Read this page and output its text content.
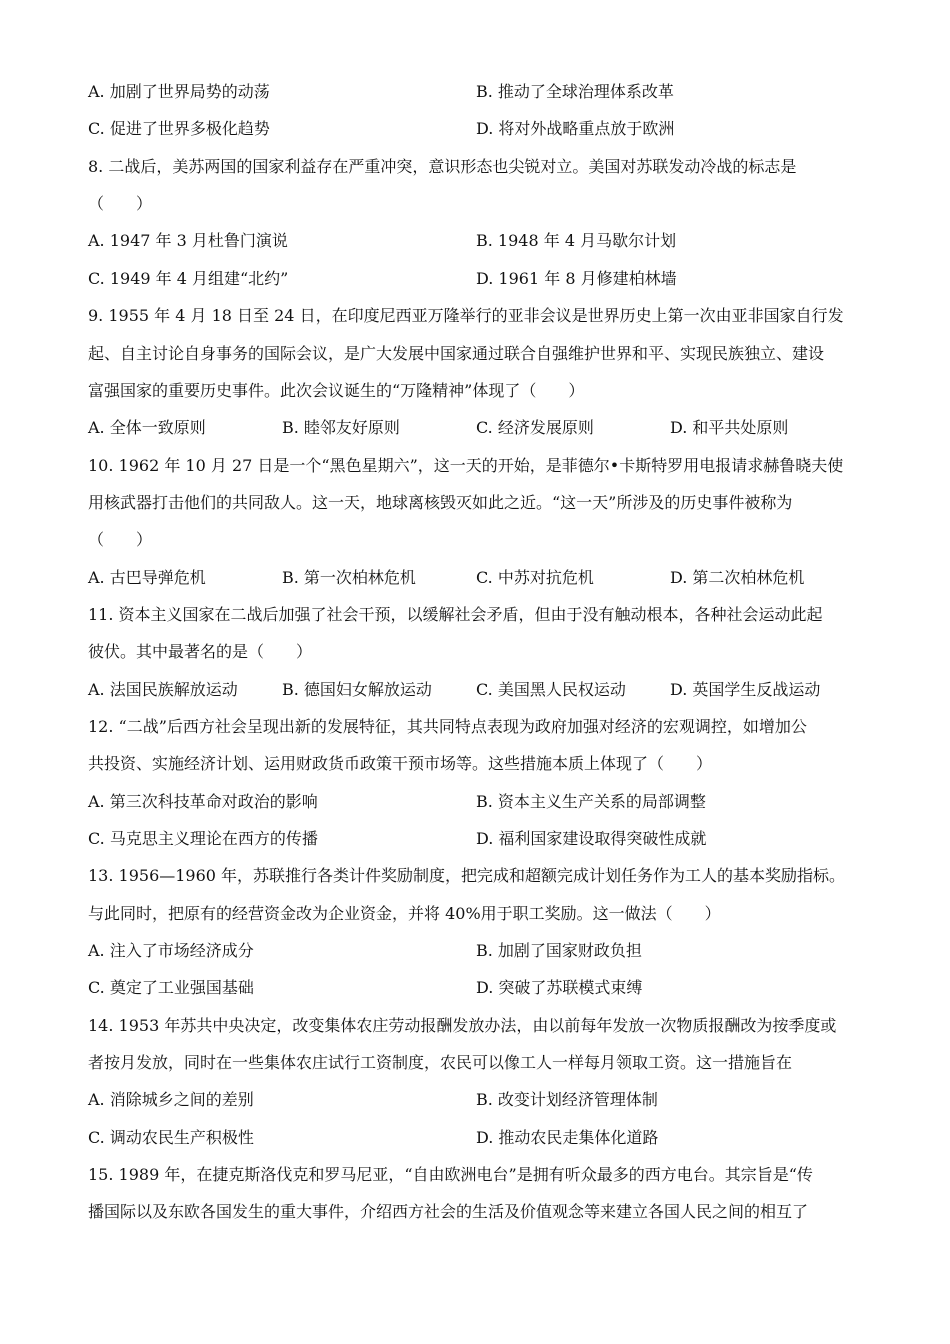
A. 加剧了世界局势的动荡	B. 推动了全球治理体系改革
C. 促进了世界多极化趋势	D. 将对外战略重点放于欧洲
8. 二战后，美苏两国的国家利益存在严重冲突，意识形态也尖锐对立。美国对苏联发动冷战的标志是
（　　）
A. 1947 年 3 月杜鲁门演说	B. 1948 年 4 月马歇尔计划
C. 1949 年 4 月组建“北约”	D. 1961 年 8 月修建柏林墙
9. 1955 年 4 月 18 日至 24 日，在印度尼西亚万隆举行的亚非会议是世界历史上第一次由亚非国家自行发
起、自主讨论自身事务的国际会议，是广大发展中国家通过联合自强维护世界和平、实现民族独立、建设
富强国家的重要历史事件。此次会议诞生的“万隆精神”体现了（　　）
A. 全体一致原则	B. 睦邻友好原则	C. 经济发展原则	D. 和平共处原则
10. 1962 年 10 月 27 日是一个“黑色星期六”，这一天的开始，是菲德尔•卡斯特罗用电报请求赫鲁晓夫使
用核武器打击他们的共同敌人。这一天，地球离核毁灭如此之近。“这一天”所涉及的历史事件被称为
（　　）
A. 古巴导弹危机	B. 第一次柏林危机	C. 中苏对抗危机	D. 第二次柏林危机
11. 资本主义国家在二战后加强了社会干预，以缓解社会矛盾，但由于没有触动根本，各种社会运动此起
彼伏。其中最著名的是（　　）
A. 法国民族解放运动	B. 德国妇女解放运动	C. 美国黑人民权运动	D. 英国学生反战运动
12. “二战”后西方社会呈现出新的发展特征，其共同特点表现为政府加强对经济的宏观调控，如增加公
共投资、实施经济计划、运用财政货币政策干预市场等。这些措施本质上体现了（　　）
A. 第三次科技革命对政治的影响	B. 资本主义生产关系的局部调整
C. 马克思主义理论在西方的传播	D. 福利国家建设取得突破性成就
13. 1956—1960 年，苏联推行各类计件奖励制度，把完成和超额完成计划任务作为工人的基本奖励指标。
与此同时，把原有的经营资金改为企业资金，并将 40%用于职工奖励。这一做法（　　）
A. 注入了市场经济成分	B. 加剧了国家财政负担
C. 奠定了工业强国基础	D. 突破了苏联模式束缚
14. 1953 年苏共中央决定，改变集体农庄劳动报酬发放办法，由以前每年发放一次物质报酬改为按季度或
者按月发放，同时在一些集体农庄试行工资制度，农民可以像工人一样每月领取工资。这一措施旨在
A. 消除城乡之间的差别	B. 改变计划经济管理体制
C. 调动农民生产积极性	D. 推动农民走集体化道路
15. 1989 年，在捷克斯洛伐克和罗马尼亚，“自由欧洲电台”是拥有听众最多的西方电台。其宗旨是“传
播国际以及东欧各国发生的重大事件，介绍西方社会的生活及价值观念等来建立各国人民之间的相互了
